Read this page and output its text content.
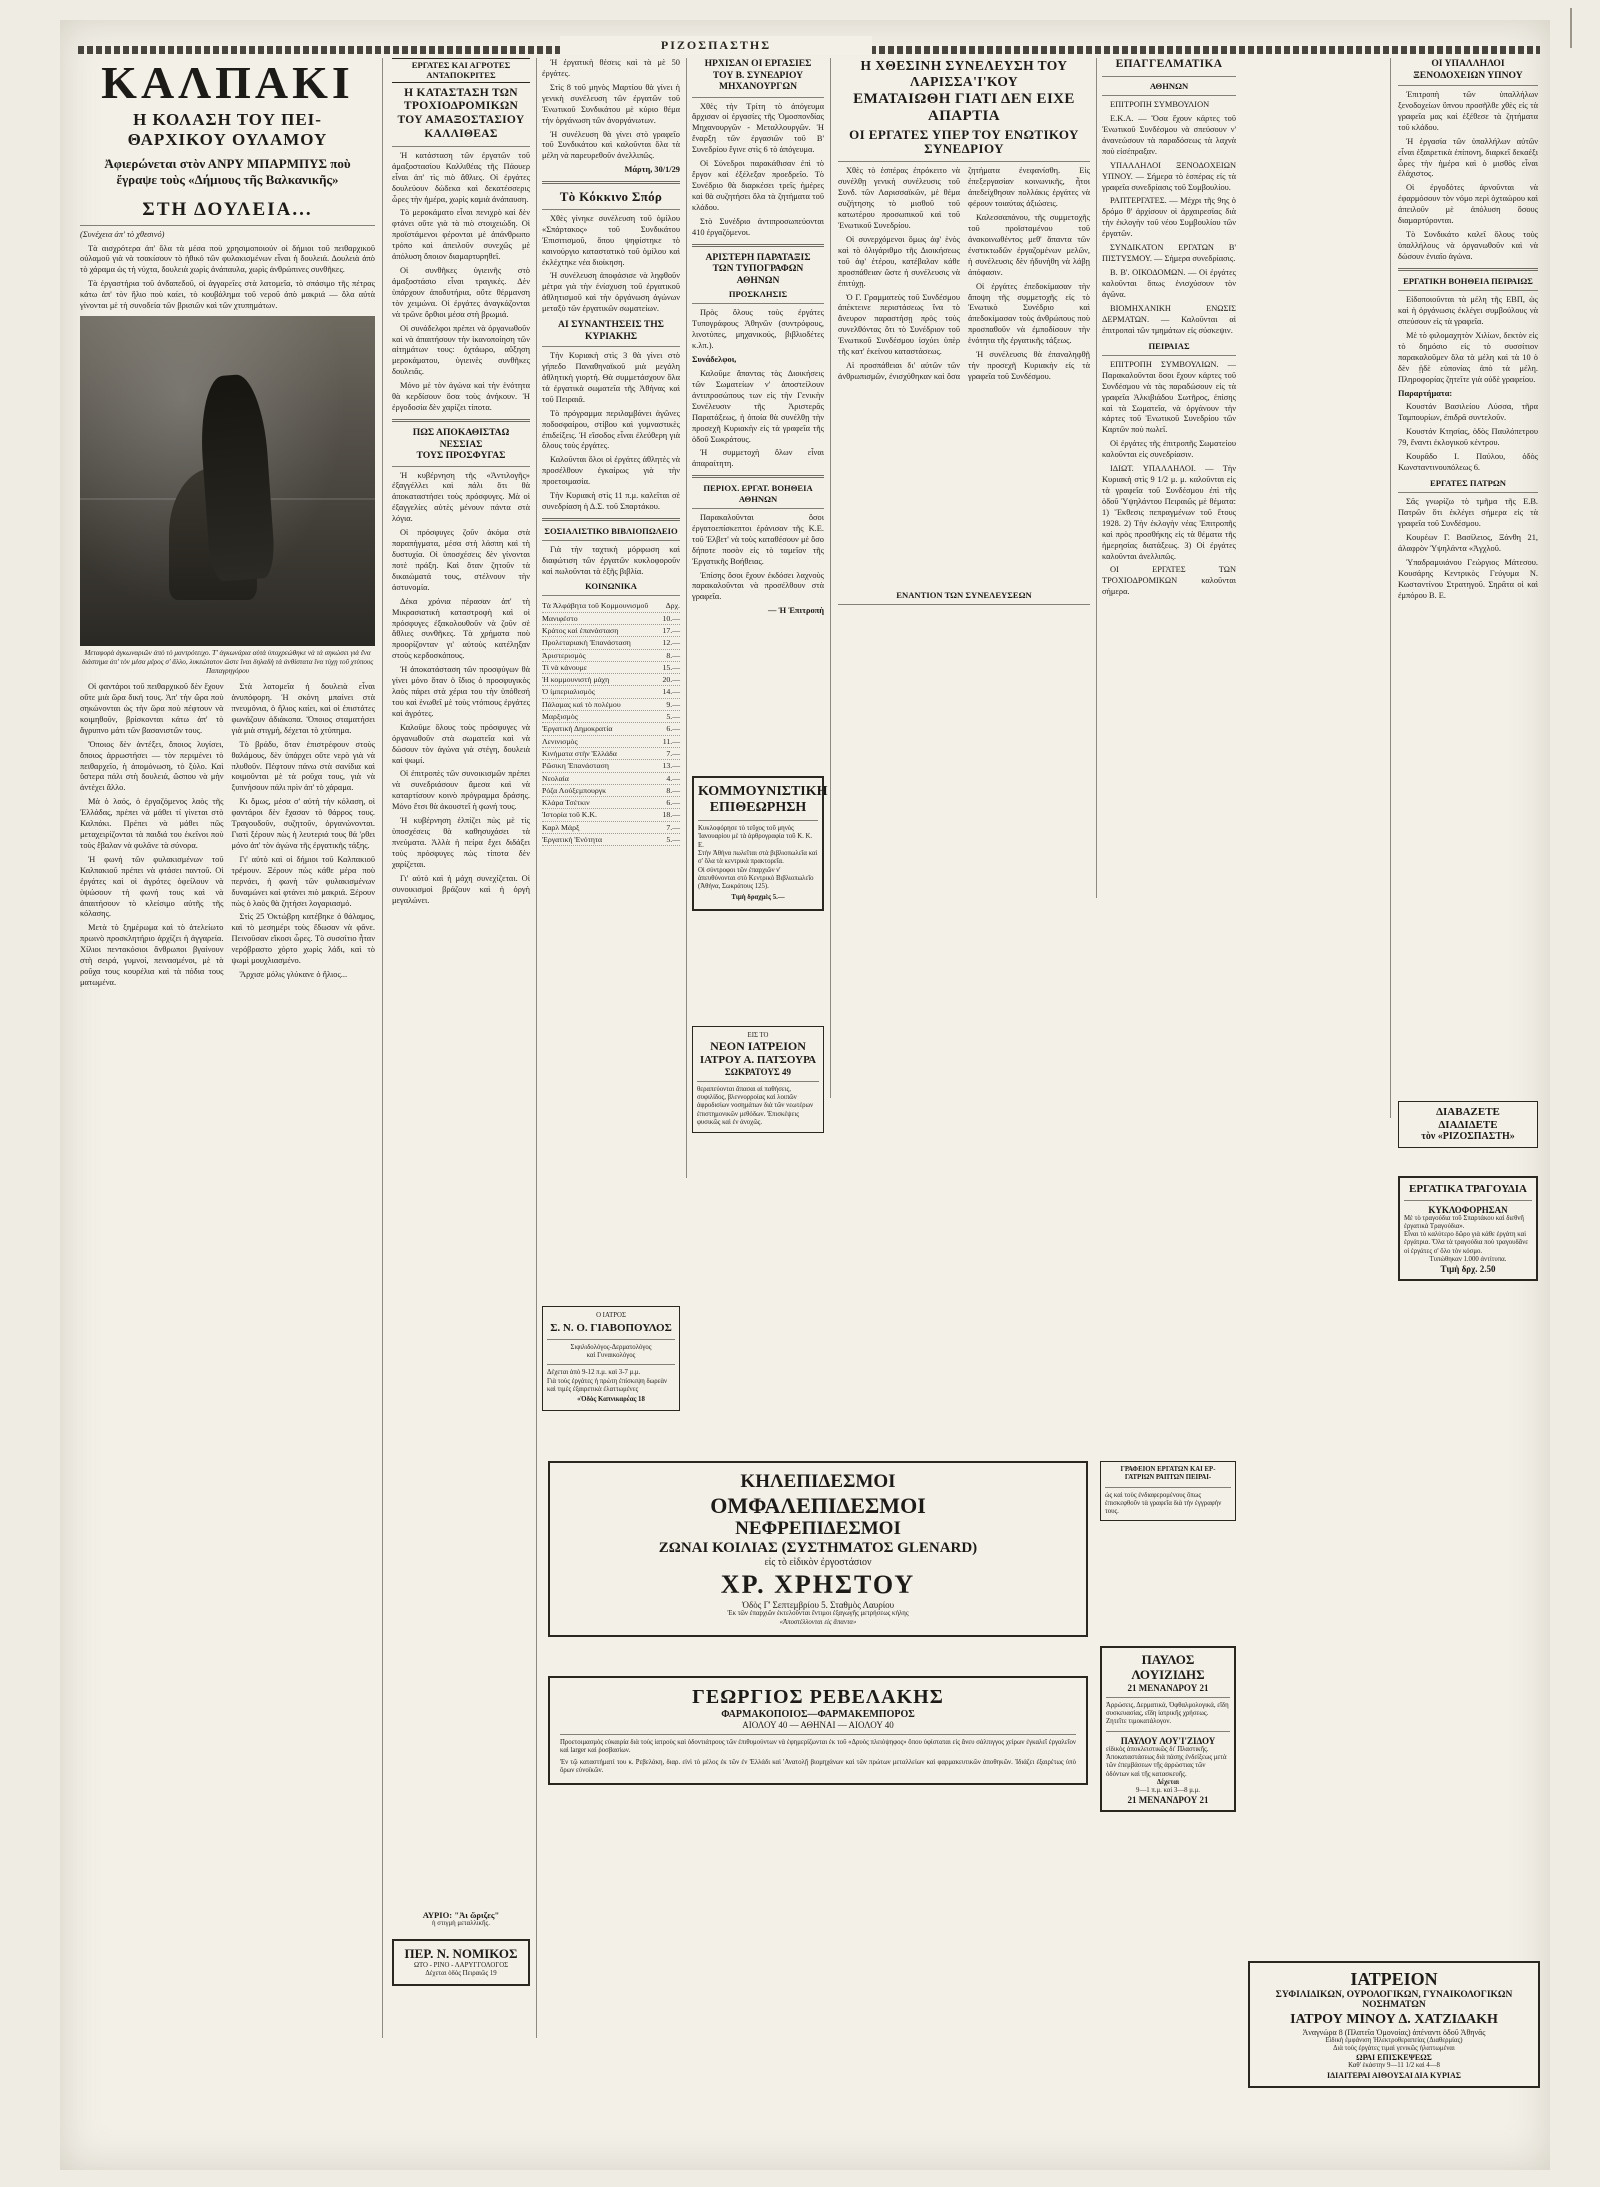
ΡΙΖΟΣΠΑΣΤΗΣ
ΚΑΛΠΑΚΙ
Η ΚΟΛΑΣΗ ΤΟΥ ΠΕΙ-
ΘΑΡΧΙΚΟΥ ΟΥΛΑΜΟΥ
Ἀφιερώνεται στὸν ΑΝΡΥ ΜΠΑΡΜΠΥΣ ποὺ
ἔγραψε τοὺς «Δήμιους τῆς Βαλκανικῆς»
ΣΤΗ ΔΟΥΛΕΙΑ...

(Συνέχεια ἀπ' τὸ χθεσινό)

Τὰ αισχρότερα ἀπ' ὅλα τὰ μέσα ποὺ χρησιμοποιούν οἱ δήμιοι τοῦ πειθαρχικοῦ οὐλαμοῦ γιὰ νὰ τσακίσουν τὸ ἠθικό τῶν φυλακισμένων εἶναι ἡ δουλειά. Δουλειὰ ἀπὸ τὸ χάραμα ὡς τὴ νύχτα, δουλειὰ χωρὶς ἀνάπαυλα, χωρὶς ἀνθρώπινες συνθῆκες.

Τὰ ἐργαστήρια τοῦ ἀνδαπεδοῦ, οἱ ἀγγαρεῖες στὰ λατομεῖα, τὸ σπάσιμο τῆς πέτρας κάτω ἀπ' τὸν ἥλιο ποὺ καίει, τὸ κουβάλημα τοῦ νεροῦ ἀπὸ μακριά — ὅλα αὐτὰ γίνονται μὲ τὴ συνοδεία τῶν βρισιῶν καὶ τῶν χτυπημάτων.

Μεταφορὰ ἀγκωναριῶν ἀπὸ τὸ μαντρότειχο. Τ' ἀγκωνάρια αὐτὰ ὑποχρεώθηκε νὰ τὰ σηκώσει γιὰ ἕνα διάστημα ἀπ' τὸν μέσα μέρος σ' ἄλλο, λυκεώτατον ὥστε ἵναι δηλαδὴ τὰ ἀνθίστατα ἴνα τύχῃ τοῦ χτύπους Παπαγρηγόρου

Οἱ φαντάροι τοῦ πειθαρχικοῦ δὲν ἔχουν οὔτε μιὰ ὥρα δική τους. Ἀπ' τὴν ὥρα ποὺ σηκώνονται ὡς τὴν ὥρα ποὺ πέφτουν νὰ κοιμηθοῦν, βρίσκονται κάτω ἀπ' τὸ ἄγρυπνο μάτι τῶν βασανιστῶν τους.

Ὅποιος δὲν ἀντέξει, ὅποιος λυγίσει, ὅποιος ἀρρωστήσει — τὸν περιμένει τὸ πειθαρχεῖο, ἡ ἀπομόνωση, τὸ ξύλο. Καὶ ὕστερα πάλι στὴ δουλειά, ὥσπου νὰ μὴν ἀντέχει ἄλλο.

Μὰ ὁ λαός, ὁ ἐργαζόμενος λαὸς τῆς Ἑλλάδας, πρέπει νὰ μάθει τί γίνεται στὸ Καλπάκι. Πρέπει νὰ μάθει πῶς μεταχειρίζονται τὰ παιδιά του ἐκεῖνοι ποὺ τοὺς ἔβαλαν νὰ φυλᾶνε τὰ σύνορα.

Ἡ φωνὴ τῶν φυλακισμένων τοῦ Καλπακιοῦ πρέπει νὰ φτάσει παντοῦ. Οἱ ἐργάτες καὶ οἱ ἀγρότες ὀφείλουν νὰ ὑψώσουν τὴ φωνή τους καὶ νὰ ἀπαιτήσουν τὸ κλείσιμο αὐτῆς τῆς κόλασης.

Μετὰ τὸ ξημέρωμα καὶ τὸ ἀτελείωτο πρωινὸ προσκλητήριο ἀρχίζει ἡ ἀγγαρεία. Χίλιοι πεντακόσιοι ἄνθρωποι βγαίνουν στὴ σειρά, γυμνοί, πεινασμένοι, μὲ τὰ ροῦχα τους κουρέλια καὶ τὰ πόδια τους ματωμένα.

Στὰ λατομεῖα ἡ δουλειὰ εἶναι ἀνυπόφορη. Ἡ σκόνη μπαίνει στὰ πνευμόνια, ὁ ἥλιος καίει, καὶ οἱ ἐπιστάτες φωνάζουν ἀδιάκοπα. Ὅποιος σταματήσει γιὰ μιὰ στιγμή, δέχεται τὸ χτύπημα.

Τὸ βράδυ, ὅταν ἐπιστρέφουν στοὺς θαλάμους, δὲν ὑπάρχει οὔτε νερὸ γιὰ νὰ πλυθοῦν. Πέφτουν πάνω στὰ σανίδια καὶ κοιμοῦνται μὲ τὰ ροῦχα τους, γιὰ νὰ ξυπνήσουν πάλι πρὶν ἀπ' τὸ χάραμα.

Κι ὅμως, μέσα σ' αὐτὴ τὴν κόλαση, οἱ φαντάροι δὲν ἔχασαν τὸ θάρρος τους. Τραγουδοῦν, συζητοῦν, ὀργανώνονται. Γιατὶ ξέρουν πὼς ἡ λευτεριά τους θά 'ρθει μόνο ἀπ' τὸν ἀγώνα τῆς ἐργατικῆς τάξης.

Γι' αὐτὸ καὶ οἱ δήμιοι τοῦ Καλπακιοῦ τρέμουν. Ξέρουν πὼς κάθε μέρα ποὺ περνάει, ἡ φωνὴ τῶν φυλακισμένων δυναμώνει καὶ φτάνει πιὸ μακριά. Ξέρουν πὼς ὁ λαὸς θὰ ζητήσει λογαριασμό.

Στὶς 25 Ὀκτώβρη κατέβηκε ὁ θάλαμος, καὶ τὸ μεσημέρι τοὺς ἔδωσαν νὰ φᾶνε. Πεινοῦσαν εἴκοσι ὧρες. Τὸ συσσίτιο ἦταν νερόβραστο χόρτο χωρὶς λάδι, καὶ τὸ ψωμὶ μουχλιασμένο.

Ἄρχισε μόλις γλύκανε ὁ ἥλιος...

ΕΡΓΑΤΕΣ ΚΑΙ ΑΓΡΟΤΕΣ ΑΝΤΑΠΟΚΡΙΤΕΣ
Η ΚΑΤΑΣΤΑΣΗ ΤΩΝ ΤΡΟΧΙΟΔΡΟΜΙΚΩΝ
ΤΟΥ ΑΜΑΞΟΣΤΑΣΙΟΥ ΚΑΛΛΙΘΕΑΣ

Ἡ κατάσταση τῶν ἐργατῶν τοῦ ἀμαξοστασίου Καλλιθέας τῆς Πάουερ εἶναι ἀπ' τὶς πιὸ ἄθλιες. Οἱ ἐργάτες δουλεύουν δώδεκα καὶ δεκατέσσερις ὧρες τὴν ἡμέρα, χωρὶς καμιὰ ἀνάπαυση.

Τὸ μεροκάματο εἶναι πενιχρὸ καὶ δὲν φτάνει οὔτε γιὰ τὰ πιὸ στοιχειώδη. Οἱ προϊστάμενοι φέρονται μὲ ἀπάνθρωπο τρόπο καὶ ἀπειλοῦν συνεχῶς μὲ ἀπόλυση ὅποιον διαμαρτυρηθεῖ.

Οἱ συνθῆκες ὑγιεινῆς στὸ ἀμαξοστάσιο εἶναι τραγικές. Δὲν ὑπάρχουν ἀποδυτήρια, οὔτε θέρμανση τὸν χειμώνα. Οἱ ἐργάτες ἀναγκάζονται νὰ τρῶνε ὄρθιοι μέσα στὴ βρωμιά.

Οἱ συνάδελφοι πρέπει νὰ ὀργανωθοῦν καὶ νὰ ἀπαιτήσουν τὴν ἱκανοποίηση τῶν αἰτημάτων τους: ὀχτάωρο, αὔξηση μεροκάματου, ὑγιεινὲς συνθῆκες δουλειᾶς.

Μόνο μὲ τὸν ἀγώνα καὶ τὴν ἑνότητα θὰ κερδίσουν ὅσα τοὺς ἀνήκουν. Ἡ ἐργοδοσία δὲν χαρίζει τίποτα.

ΠΩΣ ΑΠΟΚΑΘΙΣΤΑΩ ΝΕΣΣΙΑΣ
ΤΟΥΣ ΠΡΟΣΦΥΓΑΣ

Ἡ κυβέρνηση τῆς «Ἀντιλογῆς» ἐξαγγέλλει καὶ πάλι ὅτι θὰ ἀποκαταστήσει τοὺς πρόσφυγες. Μὰ οἱ ἐξαγγελίες αὐτὲς μένουν πάντα στὰ λόγια.

Οἱ πρόσφυγες ζοῦν ἀκόμα στὰ παραπήγματα, μέσα στὴ λάσπη καὶ τὴ δυστυχία. Οἱ ὑποσχέσεις δὲν γίνονται ποτὲ πράξη. Καὶ ὅταν ζητοῦν τὰ δικαιώματά τους, στέλνουν τὴν ἀστυνομία.

Δέκα χρόνια πέρασαν ἀπ' τὴ Μικρασιατικὴ καταστροφὴ καὶ οἱ πρόσφυγες ἐξακολουθοῦν νὰ ζοῦν σὲ ἄθλιες συνθῆκες. Τὰ χρήματα ποὺ προορίζονταν γι' αὐτοὺς κατέληξαν στοὺς κερδοσκόπους.

Ἡ ἀποκατάσταση τῶν προσφύγων θὰ γίνει μόνο ὅταν ὁ ἴδιος ὁ προσφυγικὸς λαὸς πάρει στὰ χέρια του τὴν ὑπόθεσή του καὶ ἑνωθεῖ μὲ τοὺς ντόπιους ἐργάτες καὶ ἀγρότες.

Καλοῦμε ὅλους τοὺς πρόσφυγες νὰ ὀργανωθοῦν στὰ σωματεῖα καὶ νὰ δώσουν τὸν ἀγώνα γιὰ στέγη, δουλειὰ καὶ ψωμί.

Οἱ ἐπιτροπὲς τῶν συνοικισμῶν πρέπει νὰ συνεδριάσουν ἄμεσα καὶ νὰ καταρτίσουν κοινὸ πρόγραμμα δράσης. Μόνο ἔτσι θὰ ἀκουστεῖ ἡ φωνή τους.

Ἡ κυβέρνηση ἐλπίζει πὼς μὲ τὶς ὑποσχέσεις θὰ καθησυχάσει τὰ πνεύματα. Ἀλλὰ ἡ πείρα ἔχει διδάξει τοὺς πρόσφυγες πὼς τίποτα δὲν χαρίζεται.

Γι' αὐτὸ καὶ ἡ μάχη συνεχίζεται. Οἱ συνοικισμοὶ βράζουν καὶ ἡ ὀργὴ μεγαλώνει.

ΑΥΡΙΟ: "Ἀι ὥριζες"
ἡ στιγμὴ μεταλλικῆς.
ΠΕΡ. Ν. ΝΟΜΙΚΟΣ
ΩΤΟ - ΡΙΝΟ - ΛΑΡΥΓΓΟΛΟΓΟΣ
Δέχεται ὁδὸς Πειραιῶς 19

Ἡ ἐργατικὴ θέσεις καὶ τὰ μὲ 50 ἐργάτες.

Στὶς 8 τοῦ μηνὸς Μαρτίου θὰ γίνει ἡ γενικὴ συνέλευση τῶν ἐργατῶν τοῦ Ἑνωτικοῦ Συνδικάτου μὲ κύριο θέμα τὴν ὀργάνωση τῶν ἀνοργάνωτων.

Ἡ συνέλευση θὰ γίνει στὸ γραφεῖο τοῦ Συνδικάτου καὶ καλοῦνται ὅλα τὰ μέλη νὰ παρευρεθοῦν ἀνελλιπῶς.

Μάρτη, 30/1/29

Τὸ Κόκκινο Σπόρ

Χθὲς γίνηκε συνέλευση τοῦ ὁμίλου «Σπάρτακος» τοῦ Συνδικάτου Ἐπισιτισμοῦ, ὅπου ψηφίστηκε τὸ καινούργιο καταστατικὸ τοῦ ὁμίλου καὶ ἐκλέχτηκε νέα διοίκηση.

Ἡ συνέλευση ἀποφάσισε νὰ ληφθοῦν μέτρα γιὰ τὴν ἐνίσχυση τοῦ ἐργατικοῦ ἀθλητισμοῦ καὶ τὴν ὀργάνωση ἀγώνων μεταξὺ τῶν ἐργατικῶν σωματείων.

ΑΙ ΣΥΝΑΝΤΗΣΕΙΣ ΤΗΣ
ΚΥΡΙΑΚΗΣ

Τὴν Κυριακὴ στὶς 3 θὰ γίνει στὸ γήπεδο Παναθηναϊκοῦ μιὰ μεγάλη ἀθλητικὴ γιορτή. Θὰ συμμετάσχουν ὅλα τὰ ἐργατικὰ σωματεῖα τῆς Ἀθήνας καὶ τοῦ Πειραιᾶ.

Τὸ πρόγραμμα περιλαμβάνει ἀγῶνες ποδοσφαίρου, στίβου καὶ γυμναστικὲς ἐπιδείξεις. Ἡ εἴσοδος εἶναι ἐλεύθερη γιὰ ὅλους τοὺς ἐργάτες.

Καλοῦνται ὅλοι οἱ ἐργάτες ἀθλητὲς νὰ προσέλθουν ἐγκαίρως γιὰ τὴν προετοιμασία.

Τὴν Κυριακὴ στὶς 11 π.μ. καλεῖται σὲ συνεδρίαση ἡ Δ.Σ. τοῦ Σπαρτάκου.

ΣΟΣΙΑΛΙΣΤΙΚΟ ΒΙΒΛΙΟΠΩΛΕΙΟ

Γιὰ τὴν ταχτικὴ μόρφωση καὶ διαφώτιση τῶν ἐργατῶν κυκλοφοροῦν καὶ πωλοῦνται τὰ ἑξῆς βιβλία.

ΚΟΙΝΩΝΙΚΑ
Τὰ Ἀλφάβητα τοῦ Κομμουνισμοῦ	Δρχ.
Μανιφέστο	10.—
Κράτος καὶ ἐπανάσταση	17.—
Προλεταριακὴ Ἐπανάσταση	12.—
Ἀριστερισμός	8.—
Τί νὰ κάνουμε	15.—
Ἡ κομμουνιστὴ μάχη	20.—
Ὁ ἰμπεριαλισμός	14.—
Πάλαμας καὶ τὸ πολέμου	9.—
Μαρξισμὸς	5.—
Ἐργατικὴ Δημοκρατία	6.—
Λενινισμὸς	11.—
Κινήματα στὴν Ἑλλάδα	7.—
Ρῶσικη Ἐπανάσταση	13.—
Νεολαία	4.—
Ρόζα Λούξεμπουργκ	8.—
Κλάρα Τσέτκιν	6.—
Ἱστορία τοῦ Κ.Κ.	18.—
Καρλ Μάρξ	7.—
Ἐργατικὴ Ἑνότητα	5.—
Ο ΙΑΤΡΟΣ
Σ. Ν. Ο. ΓΙΑΒΟΠΟΥΛΟΣ
Σιφιλιδολόγος-Δερματολόγος
καὶ Γυναικολόγος
Δέχεται ἀπὸ 9-12 π.μ. καὶ 3-7 μ.μ.
Γιὰ τοὺς ἐργάτες ἡ πρώτη ἐπίσκεψη δωρεὰν καὶ τιμὲς ἐξαιρετικὰ ἐλαττωμένες
«Ὁδὸς Καπνικαρέας 18
ΗΡΧΙΣΑΝ ΟΙ ΕΡΓΑΣΙΕΣ
ΤΟΥ Β. ΣΥΝΕΔΡΙΟΥ ΜΗΧΑΝΟΥΡΓΩΝ

Χθὲς τὴν Τρίτη τὸ ἀπόγευμα ἄρχισαν οἱ ἐργασίες τῆς Ὁμοσπονδίας Μηχανουργῶν - Μεταλλουργῶν. Ἡ ἔναρξη τῶν ἐργασιῶν τοῦ Β' Συνεδρίου ἔγινε στὶς 6 τὸ ἀπόγευμα.

Οἱ Σύνεδροι παρακάθισαν ἐπὶ τὸ ἔργον καὶ ἐξέλεξαν προεδρεῖο. Τὸ Συνέδριο θὰ διαρκέσει τρεῖς ἡμέρες καὶ θὰ συζητήσει ὅλα τὰ ζητήματα τοῦ κλάδου.

Στὸ Συνέδριο ἀντιπροσωπεύονται 410 ἐργαζόμενοι.

ΑΡΙΣΤΕΡΗ ΠΑΡΑΤΑΞΙΣ
ΤΩΝ ΤΥΠΟΓΡΑΦΩΝ ΑΘΗΝΩΝ
ΠΡΟΣΚΛΗΣΙΣ

Πρὸς ὅλους τοὺς ἐργάτες Τυπογράφους Ἀθηνῶν (συντρόφους, λινοτύπες, μηχανικούς, βιβλιοδέτες κ.λπ.).

Συνάδελφοι,

Καλοῦμε ἅπαντας τὰς Διοικήσεις τῶν Σωματείων ν' ἀποστείλουν ἀντιπροσώπους των εἰς τὴν Γενικὴν Συνέλευσιν τῆς Ἀριστερᾶς Παρατάξεως, ἡ ὁποία θὰ συνέλθῃ τὴν προσεχῆ Κυριακὴν εἰς τὰ γραφεῖα τῆς ὁδοῦ Σωκράτους.

Ἡ συμμετοχὴ ὅλων εἶναι ἀπαραίτητη.

ΠΕΡΙΟΧ. ΕΡΓΑΤ. ΒΟΗΘΕΙΑ ΑΘΗΝΩΝ

Παρακαλοῦνται ὅσοι ἐργατοεπίσκεπτοι ἐράνισαν τῆς Κ.Ε. τοῦ Ἐλβετ' νὰ τοὺς καταθέσουν μὲ ὅσο δήποτε ποσὸν εἰς τὸ ταμεῖον τῆς Ἐργατικῆς Βοήθειας.

Ἐπίσης ὅσοι ἔχουν ἐκδόσει λαχνοὺς παρακαλοῦνται νὰ προσέλθουν στὰ γραφεῖα.

— Ἡ Ἐπιτροπὴ

ΚΟΜΜΟΥΝΙΣΤΙΚΗ
ΕΠΙΘΕΩΡΗΣΗ
Κυκλοφόρησε τὸ τεῦχος τοῦ μηνὸς Ἰανουαρίου μὲ τὰ ἀρθρογραφία τοῦ Κ. Κ. Ε.
Στὴν Ἀθήνα πωλεῖται στὰ βιβλιοπωλεῖα καὶ σ' ὅλα τὰ κεντρικὰ πρακτορεῖα.
Οἱ σύντροφοι τῶν ἐπαρχιῶν ν' ἀπευθύνονται στὸ Κεντρικὸ Βιβλιοπωλεῖο (Ἀθήνα, Σωκράτους 125).
Τιμὴ δραχμὲς 5.—
ΕΙΣ ΤΟ
ΝΕΟΝ ΙΑΤΡΕΙΟΝ
ΙΑΤΡΟΥ Α. ΠΑΤΣΟΥΡΑ
ΣΩΚΡΑΤΟΥΣ 49
θεραπεύονται ἅπασαι αἱ παθήσεις, συφιλίδος, βλεννορροίας καὶ λοιπῶν ἀφροδισίων νοσημάτων διὰ τῶν νεωτέρων ἐπιστημονικῶν μεθόδων. Ἐπισκέψεις φυσικῶς καὶ ἐν ἀνοχῶς.
ΚΗΛΕΠΙΔΕΣΜΟΙ
ΟΜΦΑΛΕΠΙΔΕΣΜΟΙ
ΝΕΦΡΕΠΙΔΕΣΜΟΙ
ΖΩΝΑΙ ΚΟΙΛΙΑΣ (ΣΥΣΤΗΜΑΤΟΣ GLENARD)
εἰς τὸ εἰδικὸν ἐργοστάσιον
ΧΡ. ΧΡΗΣΤΟΥ
Ὁδὸς Γ' Σεπτεμβρίου 5. Σταθμὸς Λαυρίου
Ἐκ τῶν ἐπαρχιῶν ἐκτελοῦνται ἔντιμοι ἐξαγωγῆς μετρήσεως κήλης
«Ἀποστέλλονται εἰς ἅπαντα»
ΓΕΩΡΓΙΟΣ ΡΕΒΕΛΑΚΗΣ
ΦΑΡΜΑΚΟΠΟΙΟΣ—ΦΑΡΜΑΚΕΜΠΟΡΟΣ
ΑΙΟΛΟΥ 40 — ΑΘΗΝΑΙ — ΑΙΟΛΟΥ 40
Προετοιμασμὸς εὐκαιρία διὰ τοὺς ἰατροὺς καὶ ὀδοντιάτρους τῶν ἐπιθυμούντων νὰ ἐφημερίζωνται ἐκ τοῦ «Δρυὸς πλειόψηφος» ὅπου ὑφίσταται εἰς ἄνευ σάλπιγγος χείρων ἐγκαλεῖ ἐργαλεῖον καὶ larger καὶ ῥοσβασίων.
Ἐν τῷ καταστήματί του κ. Ρεβελάκη, διαρ. εἰνὶ τὸ μέλος ἐκ τῶν ἐν 'Ελλάδι καὶ 'Ανατολῇ βιομηχάνων καὶ τῶν πρώτων μεταλλείων καὶ φαρμακευτικῶν ἀποθηκῶν. Ἰδιάζει ἐξαιρέτως ὑπὸ ὅρων εὐνοϊκῶν.
Η ΧΘΕΣΙΝΗ ΣΥΝΕΛΕΥΣΗ ΤΟΥ ΛΑΡΙΣΣΑ'Ι'ΚΟΥ
ΕΜΑΤΑΙΩΘΗ ΓΙΑΤΙ ΔΕΝ ΕΙΧΕ ΑΠΑΡΤΙΑ
ΟΙ ΕΡΓΑΤΕΣ ΥΠΕΡ ΤΟΥ ΕΝΩΤΙΚΟΥ ΣΥΝΕΔΡΙΟΥ

Χθὲς τὸ ἑσπέρας ἐπρόκειτο νὰ συνέλθῃ γενικὴ συνέλευσις τοῦ Συνδ. τῶν Λαρισσαϊκῶν, μὲ θέμα συζήτησης τὸ μισθοῦ τοῦ κατωτέρου προσωπικοῦ καὶ τοῦ Ἑνωτικοῦ Συνεδρίου.

Οἱ συνερχόμενοι ὅμως ἀφ' ἑνὸς καὶ τὸ ὀλιγάριθμο τῆς Διοικήσεως τοῦ ἀφ' ἑτέρου, κατέβαλαν κάθε προσπάθειαν ὥστε ἡ συνέλευσις νὰ ἐπιτύχῃ.

Ὁ Γ. Γραμματεὺς τοῦ Συνδέσμου ἀπέκτεινε περιστάσεως ἵνα τὸ ἄνευρον παραστήσῃ πρὸς τοὺς συνελθόντας ὅτι τὸ Συνέδριον τοῦ Ἑνωτικοῦ Συνδέσμου ἰσχύει ὑπὲρ τῆς κατ' ἐκείνου καταστάσεως.

Αἱ προσπάθειαι δι' αὐτῶν τῶν ἀνθρωπισμῶν, ἐνισχύθηκαν καὶ ὅσα ζητήματα ἐνεφανίσθη. Εἰς ἐπεξεργασίαν κοινωνικῆς, ἦτοι ἀπεδείχθησαν πολλάκις ἐργάτες νὰ φέρουν τοιαύτας ἀξιώσεις.

Καλεσσαπάνου, τῆς συμμετοχῆς τοῦ προϊσταμένου τοῦ ἀνακοινωθέντος μεθ' ἅπαντα τῶν ἐνστικτωδῶν ἐργαζομένων μελῶν, ἡ συνέλευσις δὲν ἠδυνήθη νὰ λάβῃ ἀπόφασιν.

Οἱ ἐργάτες ἐπεδοκίμασαν τὴν ἄποψη τῆς συμμετοχῆς εἰς τὸ Ἑνωτικὸ Συνέδριο καὶ ἀπεδοκίμασαν τοὺς ἀνθρώπους ποὺ προσπαθοῦν νὰ ἐμποδίσουν τὴν ἑνότητα τῆς ἐργατικῆς τάξεως.

Ἡ συνέλευσις θὰ ἐπαναληφθῇ τὴν προσεχῆ Κυριακὴν εἰς τὰ γραφεῖα τοῦ Συνδέσμου.

ΕΝΑΝΤΙΟΝ ΤΩΝ ΣΥΝΕΛΕΥΣΕΩΝ
ΕΠΑΓΓΕΛΜΑΤΙΚΑ
ΑΘΗΝΩΝ

ΕΠΙΤΡΟΠΗ ΣΥΜΒΟΥΛΙΟΝ

Ε.Κ.Α. — Ὅσα ἔχουν κάρτες τοῦ Ἑνωτικοῦ Συνδέσμου νὰ σπεύσουν ν' ἀνανεώσουν τὰ παραδόσεως τὰ λαχνὰ ποὺ εἰσέπραξαν.

ΥΠΑΛΛΗΛΟΙ ΞΕΝΟΔΟΧΕΙΩΝ ΥΠΝΟΥ. — Σήμερα τὸ ἑσπέρας εἰς τὰ γραφεῖα συνεδρίασις τοῦ Συμβουλίου.

ΡΑΠΤΕΡΓΑΤΕΣ. — Μέχρι τῆς 9ης ὁ δρόμο θ' ἀρχίσουν οἱ ἀρχαιρεσίας διὰ τὴν ἐκλογὴν τοῦ νέου Συμβουλίου τῶν ἐργατῶν.

ΣΥΝΔΙΚΑΤΟΝ ΕΡΓΑΤΩΝ Β' ΠΙΣΤΥΣΜΟΥ. — Σήμερα συνεδρίασις.

Β. Β'. ΟΙΚΟΔΟΜΩΝ. — Οἱ ἐργάτες καλοῦνται ὅπως ἐνισχύσουν τὸν ἀγῶνα.

ΒΙΟΜΗΧΑΝΙΚΗ ΕΝΩΣΙΣ ΔΕΡΜΑΤΩΝ. — Καλοῦνται αἱ ἐπιτροπαὶ τῶν τμημάτων εἰς σύσκεψιν.

ΠΕΙΡΑΙΑΣ

ΕΠΙΤΡΟΠΗ ΣΥΜΒΟΥΛΙΩΝ. — Παρακαλοῦνται ὅσοι ἔχουν κάρτες τοῦ Συνδέσμου νὰ τὰς παραδώσουν εἰς τὰ γραφεῖα Ἀλκιβιάδου Σωτῆρος, ἐπίσης καὶ τὰ Σωματεῖα, νὰ ὀργάνουν τὴν κάρτες τοῦ Ἑνωτικοῦ Συνεδρίου τῶν Καρτῶν ποὺ πωλεῖ.

Οἱ ἐργάτες τῆς ἐπιτροπῆς Σωματείου καλοῦνται εἰς συνεδρίασιν.

ΙΔΙΩΤ. ΥΠΑΛΛΗΛΟΙ. — Τὴν Κυριακὴ στὶς 9 1/2 μ. μ. καλοῦνται εἰς τὰ γραφεῖα τοῦ Συνδέσμου ἐπὶ τῆς ὁδοῦ Ὑψηλάντου Πειραιῶς μὲ θέματα: 1) Ἔκθεσις πεπραγμένων τοῦ ἔτους 1928. 2) Τὴν ἐκλογὴν νέας Ἐπιτροπῆς καὶ πρὸς προσθήκης εἰς τὰ θέματα τῆς ἡμερησίας διατάξεως. 3) Οἱ ἐργάτες καλοῦνται ἀνελλιπῶς.

ΟΙ ΕΡΓΑΤΕΣ ΤΩΝ ΤΡΟΧΙΟΔΡΟΜΙΚΩΝ καλοῦνται σήμερα.

ΟΙ ΥΠΑΛΛΗΛΟΙ
ΞΕΝΟΔΟΧΕΙΩΝ ΥΠΝΟΥ

Ἐπιτροπὴ τῶν ὑπαλλήλων ξενοδοχείων ὕπνου προσῆλθε χθὲς εἰς τὰ γραφεῖα μας καὶ ἐξέθεσε τὰ ζητήματα τοῦ κλάδου.

Ἡ ἐργασία τῶν ὑπαλλήλων αὐτῶν εἶναι ἐξαιρετικὰ ἐπίπονη, διαρκεῖ δεκαέξι ὧρες τὴν ἡμέρα καὶ ὁ μισθὸς εἶναι ἐλάχιστος.

Οἱ ἐργοδότες ἀρνοῦνται νὰ ἐφαρμόσουν τὸν νόμο περὶ ὀχταώρου καὶ ἀπειλοῦν μὲ ἀπόλυση ὅσους διαμαρτύρονται.

Τὸ Συνδικάτο καλεῖ ὅλους τοὺς ὑπαλλήλους νὰ ὀργανωθοῦν καὶ νὰ δώσουν ἑνιαῖο ἀγώνα.

ΕΡΓΑΤΙΚΗ ΒΟΗΘΕΙΑ ΠΕΙΡΑΙΩΣ

Εἰδοποιοῦνται τὰ μέλη τῆς ΕΒΠ, ὡς καὶ ἡ ὀργάνωσις ἐκλέγει συμβούλους νὰ σπεύσουν εἰς τὰ γραφεῖα.

Μὲ τὸ φιλομαχητὸν Χιλίων, δεκτὸν εἰς τὸ δημόσιο εἰς τὸ συσσίτιον παρακαλοῦμεν ὅλα τὰ μέλη καὶ τὰ 10 ὁ δὲν ᾑδὲ εὑπονίας ἀπὸ τὰ μέλη. Πληροφορίας ζητεῖτε γιὰ οὐδὲ γραφείου.

Παραρτήματα:

Κουστάν Βασιλείου Λύσσα, τῆρα Ταμπουρίων, ἐπιδρᾶ συντελοῦν.

Κουστάν Κτησίας, ὁδὸς Παυλόπετρου 79, ἔναντι ἐκλογικοῦ κέντρου.

Κουρᾶδο Ι. Παύλου, ὁδὸς Κωνσταντινουπόλεως 6.

ΕΡΓΑΤΕΣ ΠΑΤΡΩΝ

Σᾶς γνωρίζω τὸ τμῆμα τῆς Ε.Β. Πατρῶν ὅτι ἐκλέγει σήμερα εἰς τὰ γραφεῖα τοῦ Συνδέσμου.

Κουρέων Γ. Βασίλειος, Ξάνθη 21, ἀλαφρὸν Ὑψηλάντα «Ἀγχλοῦ.

Ὑπαδραμυιάνου Γεώργιος Μάτεσου. Κουσάρης Κεντρικὸς Γεύγυμα Ν. Κωσταντίνου Στρατηγοῦ. Σηρᾶτα οἱ καὶ ἐμπόρου Β. Ε.

ΔΙΑΒΑΖΕΤΕ
ΔΙΑΔΙΔΕΤΕ
τὸν «ΡΙΖΟΣΠΑΣΤΗ»
ΕΡΓΑΤΙΚΑ ΤΡΑΓΟΥΔΙΑ
ΚΥΚΛΟΦΟΡΗΣΑΝ
Μὲ τὸ τραγούδια τοῦ Σπαρτάκου καὶ διεθνῆ ἐργατικὰ Τραγούδια».
Εἶναι τὸ καλύτερο δῶρο γιὰ κάθε ἐργάτη καὶ ἐργάτρια. Ὅλα τὰ τραγούδια ποὺ τραγουδᾶνε οἱ ἐργάτες σ' ὅλο τὸν κόσμο.
Τυπώθηκαν 1.000 ἀντίτυπα.
Τιμὴ δρχ. 2.50
ΓΡΑΦΕΙΟΝ ΕΡΓΑΤΩΝ ΚΑΙ ΕΡ-
ΓΑΤΡΙΩΝ ΡΑΠΤΩΝ ΠΕΙΡΑΙ-
ὡς καὶ τοὺς ἐνδιαφερομένους ὅπως ἐπισκεφθοῦν τὰ γραφεῖα διὰ τὴν ἐγγραφήν τους.
ΠΑΥΛΟΣ ΛΟΥΙΖΙΔΗΣ
21 ΜΕΝΑΝΔΡΟΥ 21
Ἀρρώσεις, Δερματικά, Ὀφθαλμολογικά, εἴδη συσκευασίας, εἴδη ἰατρικῆς χρήσεως. Ζητεῖτε τιμοκατάλογον.
ΠΑΥΛΟΥ ΛΟΥ'Ι'ΖΙΔΟΥ
εἰδικὸς ἀποκλειστικῶς δι' Πλαστικῆς. Ἀποκαταστάσεως διὰ πάσης ἐνδείξεως μετὰ τῶν ἐπεμβάσεων τῆς ἀρρώστιας τῶν ὀδόντων καὶ τῆς κατασκευῆς.
Δέχεται
9—1 π.μ. καὶ 3—8 μ.μ.
21 ΜΕΝΑΝΔΡΟΥ 21
ΙΑΤΡΕΙΟΝ
ΣΥΦΙΛΙΔΙΚΩΝ, ΟΥΡΟΛΟΓΙΚΩΝ, ΓΥΝΑΙΚΟΛΟΓΙΚΩΝ ΝΟΣΗΜΑΤΩΝ
ΙΑΤΡΟΥ ΜΙΝΟΥ Δ. ΧΑΤΖΙΔΑΚΗ
Ἀναγνώρα 8 (Πλατεῖα Ὁμονοίας) ἀπέναντι ὁδοῦ Ἀθηνᾶς
Εἰδικὴ ἐμφάνιση Ἠλεκτροθεραπείας (Διαθερμίας)
Διὰ τοὺς ἐργάτες τιμαὶ γενικῶς ἠλαττωμέναι
ΩΡΑΙ ΕΠΙΣΚΕΨΕΩΣ
Καθ' ἑκάστην 9—11 1/2 καὶ 4—8
ΙΔΙΑΙΤΕΡΑΙ ΑΙΘΟΥΣΑΙ ΔΙΑ ΚΥΡΙΑΣ
